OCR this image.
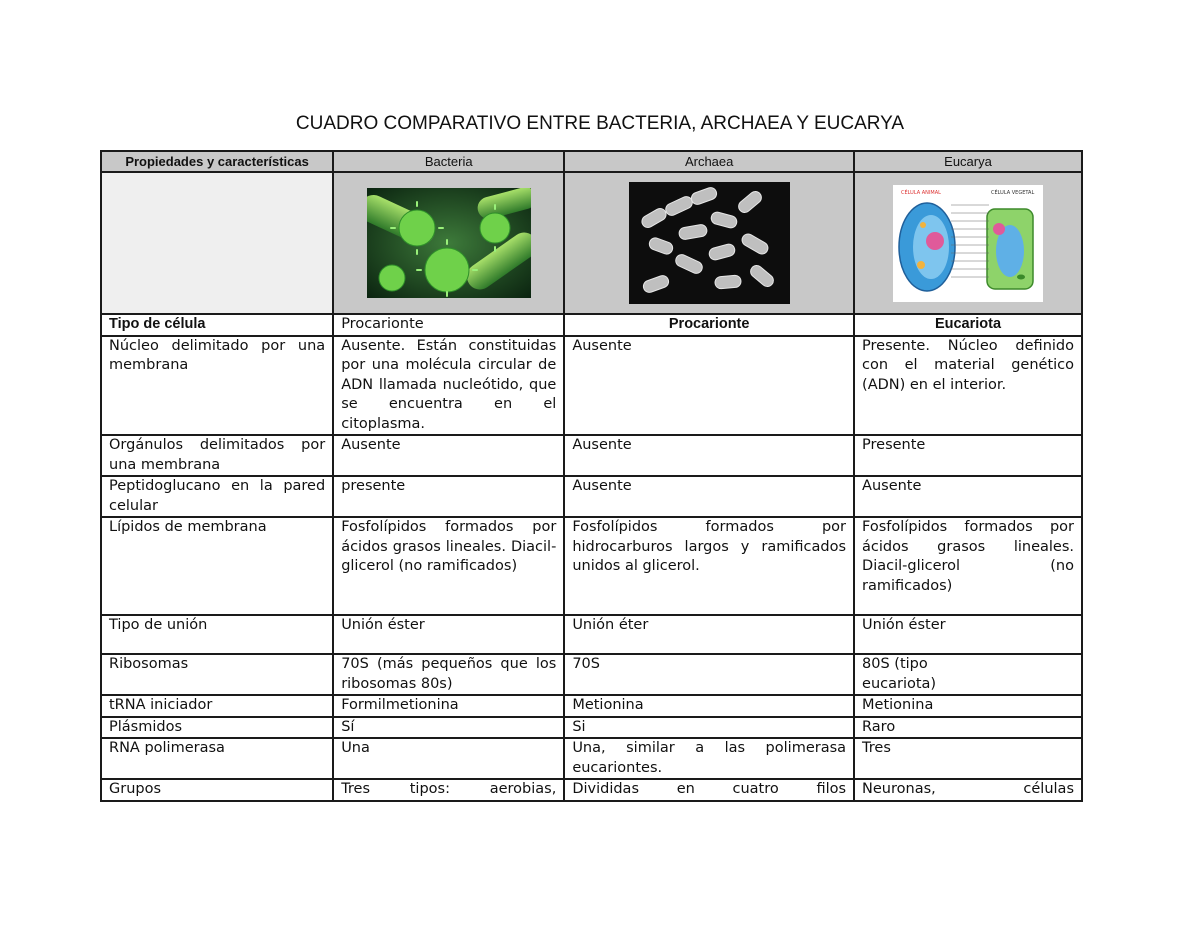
CUADRO COMPARATIVO ENTRE BACTERIA, ARCHAEA Y EUCARYA
Propiedades y características	Bacteria	Archaea	Eucarya

CÉLULA ANIMAL CÉLULA VEGETAL

Tipo de célula	Procarionte	Procarionte	Eucariota
Núcleo delimitado por una membrana	Ausente. Están constituidas por una molécula circular de ADN llamada nucleótido, que se encuentra en el citoplasma.	Ausente	Presente. Núcleo definido con el material genético (ADN) en el interior.
Orgánulos delimitados por una membrana	Ausente	Ausente	Presente
Peptidoglucano en la pared celular	presente	Ausente	Ausente
Lípidos de membrana	Fosfolípidos formados por ácidos grasos lineales. Diacil-glicerol (no ramificados)	Fosfolípidos formados por hidrocarburos largos y ramificados unidos al glicerol.	Fosfolípidos formados por ácidos grasos lineales. Diacil-glicerol (no ramificados)
Tipo de unión	Unión éster	Unión éter	Unión éster
Ribosomas	70S (más pequeños que los ribosomas 80s)	70S	80S (tipo eucariota)

tRNA iniciador	Formilmetionina	Metionina	Metionina
Plásmidos	Sí	Si	Raro
RNA polimerasa	Una	Una, similar a las polimerasa eucariontes.	Tres
Grupos	Tres tipos: aerobias,	Divididas en cuatro filos	Neuronas, células
